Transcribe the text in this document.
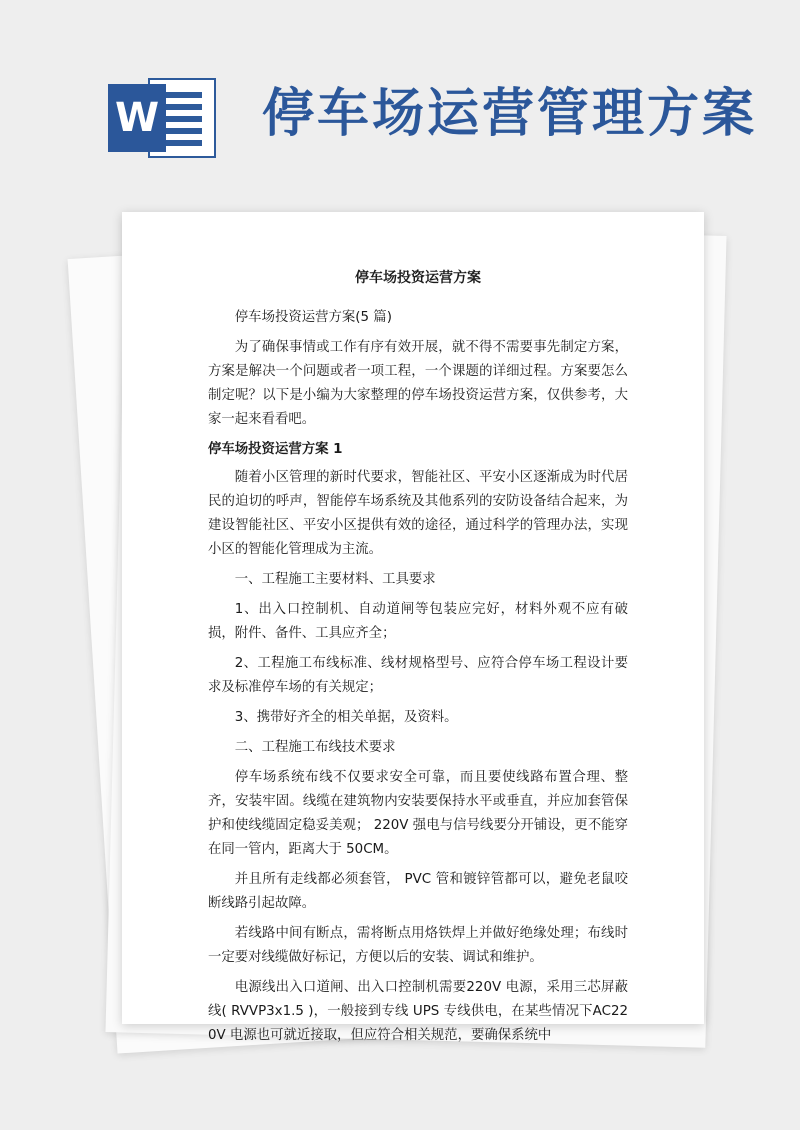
W 停车场运营管理方案
停车场投资运营方案

停车场投资运营方案(5 篇)

为了确保事情或工作有序有效开展，就不得不需要事先制定方案，方案是解决一个问题或者一项工程，一个课题的详细过程。方案要怎么制定呢？以下是小编为大家整理的停车场投资运营方案，仅供参考，大家一起来看看吧。

停车场投资运营方案 1

随着小区管理的新时代要求，智能社区、平安小区逐渐成为时代居民的迫切的呼声，智能停车场系统及其他系列的安防设备结合起来，为建设智能社区、平安小区提供有效的途径，通过科学的管理办法，实现小区的智能化管理成为主流。

一、工程施工主要材料、工具要求

1、出入口控制机、自动道闸等包装应完好，材料外观不应有破损，附件、备件、工具应齐全；

2、工程施工布线标准、线材规格型号、应符合停车场工程设计要求及标准停车场的有关规定；

3、携带好齐全的相关单据，及资料。

二、工程施工布线技术要求

停车场系统布线不仅要求安全可靠，而且要使线路布置合理、整齐，安装牢固。线缆在建筑物内安装要保持水平或垂直，并应加套管保护和使线缆固定稳妥美观； 220V 强电与信号线要分开铺设，更不能穿在同一管内，距离大于 50CM。

并且所有走线都必须套管， PVC 管和镀锌管都可以，避免老鼠咬断线路引起故障。

若线路中间有断点，需将断点用烙铁焊上并做好绝缘处理；布线时一定要对线缆做好标记，方便以后的安装、调试和维护。

电源线出入口道闸、出入口控制机需要220V 电源，采用三芯屏蔽线( RVVP3x1.5 )，一般接到专线 UPS 专线供电，在某些情况下AC220V 电源也可就近接取，但应符合相关规范，要确保系统中
